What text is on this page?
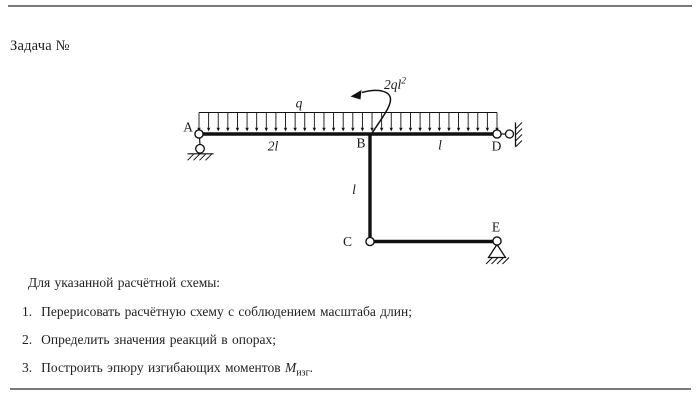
Задача №
A
B
C
D
E
q
2l	l
l
$2ql^2$
Для указанной расчётной схемы:
1. Перерисовать расчётную схему с соблюдением масштаба длин;
2. Определить значения реакций в опорах;
3. Построить эпюру изгибающих моментов $M_{изг}$.
